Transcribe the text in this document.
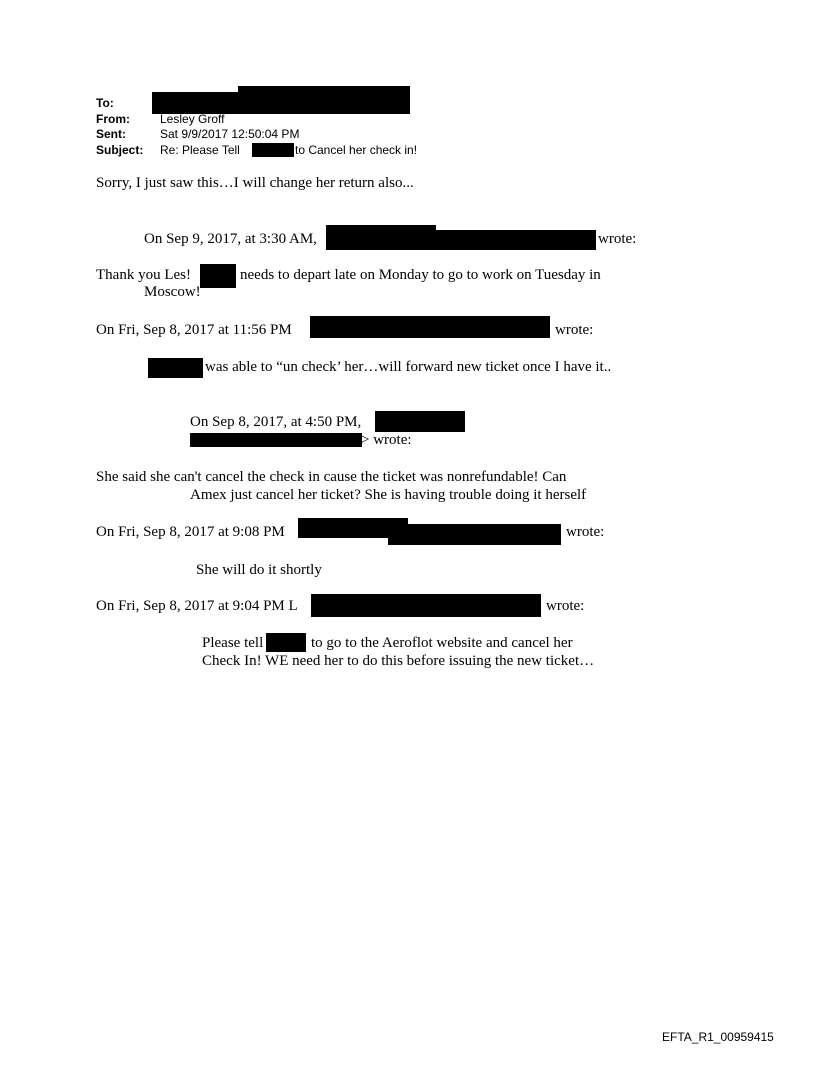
To:
From:	Lesley Groff
Sent:	Sat 9/9/2017 12:50:04 PM
Subject: Re: Please Tell	to Cancel her check in!
Sorry, I just saw this…I will change her return also...
On Sep 9, 2017, at 3:30 AM,	wrote:
Thank you Les!	needs to depart late on Monday to go to work on Tuesday in
Moscow!
On Fri, Sep 8, 2017 at 11:56 PM	wrote:
was able to “un check’ her…will forward new ticket once I have it..
On Sep 8, 2017, at 4:50 PM,
> wrote:
She said she can't cancel the check in cause the ticket was nonrefundable! Can
Amex just cancel her ticket? She is having trouble doing it herself
On Fri, Sep 8, 2017 at 9:08 PM	wrote:
She will do it shortly
On Fri, Sep 8, 2017 at 9:04 PM L	wrote:
Please tell	to go to the Aeroflot website and cancel her
Check In! WE need her to do this before issuing the new ticket…
EFTA_R1_00959415
